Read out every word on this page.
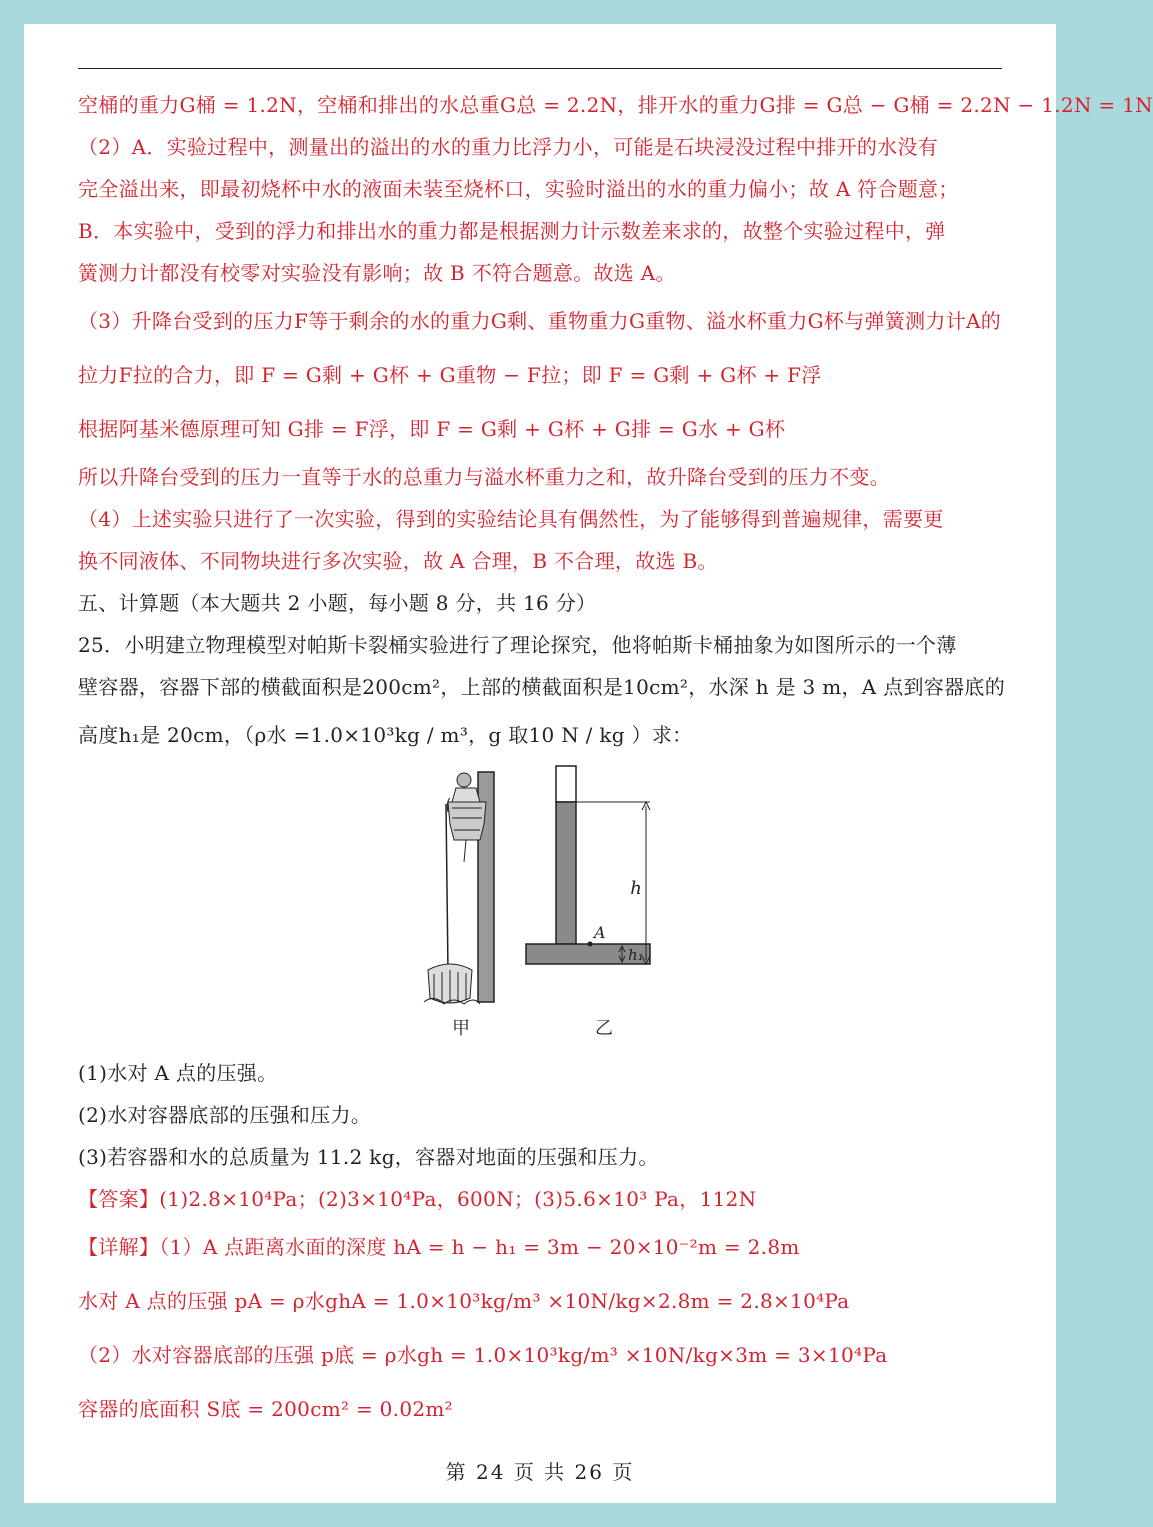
空桶的重力G桶 = 1.2N，空桶和排出的水总重G总 = 2.2N，排开水的重力G排 = G总 − G桶 = 2.2N − 1.2N = 1N
（2）A．实验过程中，测量出的溢出的水的重力比浮力小，可能是石块浸没过程中排开的水没有
完全溢出来，即最初烧杯中水的液面未装至烧杯口，实验时溢出的水的重力偏小；故 A 符合题意；
B．本实验中，受到的浮力和排出水的重力都是根据测力计示数差来求的，故整个实验过程中，弹
簧测力计都没有校零对实验没有影响；故 B 不符合题意。故选 A。
（3）升降台受到的压力F等于剩余的水的重力G剩、重物重力G重物、溢水杯重力G杯与弹簧测力计A的
拉力F拉的合力，即 F = G剩 + G杯 + G重物 − F拉；即 F = G剩 + G杯 + F浮
根据阿基米德原理可知 G排 = F浮，即 F = G剩 + G杯 + G排 = G水 + G杯
所以升降台受到的压力一直等于水的总重力与溢水杯重力之和，故升降台受到的压力不变。
（4）上述实验只进行了一次实验，得到的实验结论具有偶然性，为了能够得到普遍规律，需要更
换不同液体、不同物块进行多次实验，故 A 合理，B 不合理，故选 B。
五、计算题（本大题共 2 小题，每小题 8 分，共 16 分）
25．小明建立物理模型对帕斯卡裂桶实验进行了理论探究，他将帕斯卡桶抽象为如图所示的一个薄
壁容器，容器下部的横截面积是200cm²，上部的横截面积是10cm²，水深 h 是 3 m，A 点到容器底的
高度h₁是 20cm，（ρ水 =1.0×10³kg / m³，g 取10 N / kg ）求：
甲
h
A
h₁
乙
(1)水对 A 点的压强。
(2)水对容器底部的压强和压力。
(3)若容器和水的总质量为 11.2 kg，容器对地面的压强和压力。
【答案】(1)2.8×10⁴Pa；(2)3×10⁴Pa，600N；(3)5.6×10³ Pa，112N
【详解】（1）A 点距离水面的深度 hA = h − h₁ = 3m − 20×10⁻²m = 2.8m
水对 A 点的压强 pA = ρ水ghA = 1.0×10³kg/m³ ×10N/kg×2.8m = 2.8×10⁴Pa
（2）水对容器底部的压强 p底 = ρ水gh = 1.0×10³kg/m³ ×10N/kg×3m = 3×10⁴Pa
容器的底面积 S底 = 200cm² = 0.02m²
第 24 页 共 26 页
